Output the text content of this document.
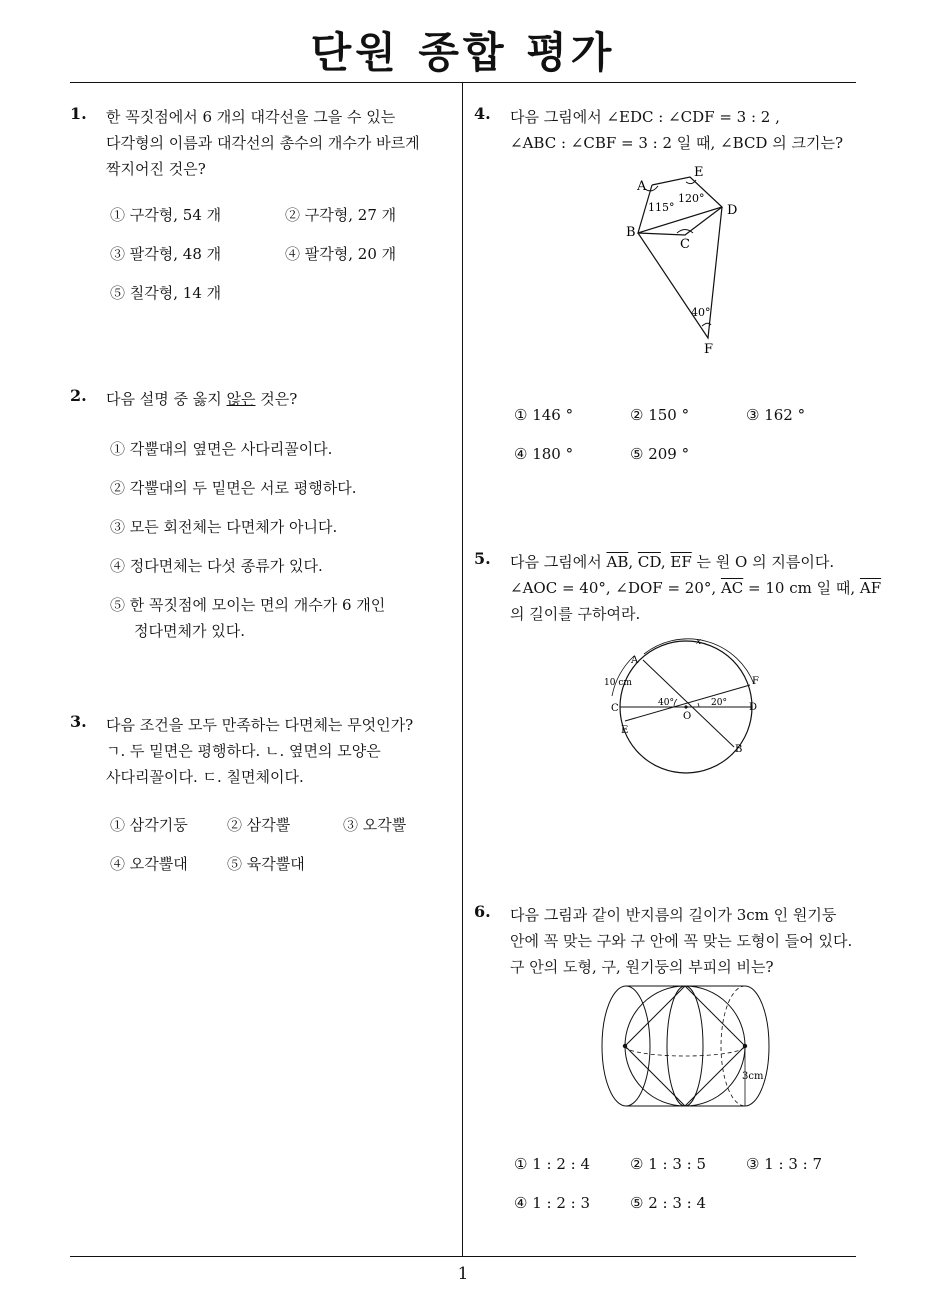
단원 종합 평가
1
1. 한 꼭짓점에서 6 개의 대각선을 그을 수 있는

다각형의 이름과 대각선의 총수의 개수가 바르게

짝지어진 것은?

① 구각형, 54 개	② 구각형, 27 개
③ 팔각형, 48 개	④ 팔각형, 20 개
⑤ 칠각형, 14 개
2. 다음 설명 중 옳지 않은 것은?

① 각뿔대의 옆면은 사다리꼴이다.
② 각뿔대의 두 밑면은 서로 평행하다.
③ 모든 회전체는 다면체가 아니다.
④ 정다면체는 다섯 종류가 있다.
⑤ 한 꼭짓점에 모이는 면의 개수가 6 개인
정다면체가 있다.
3. 다음 조건을 모두 만족하는 다면체는 무엇인가?

ㄱ. 두 밑면은 평행하다. ㄴ. 옆면의 모양은

사다리꼴이다. ㄷ. 칠면체이다.

① 삼각기둥	② 삼각뿔	③ 오각뿔
④ 오각뿔대	⑤ 육각뿔대
4. 다음 그림에서 ∠EDC : ∠CDF = 3 : 2 ,

∠ABC : ∠CBF = 3 : 2 일 때, ∠BCD 의 크기는?

A
E
D
B
C
F
115°
120°
40°
① 146 °	② 150 °	③ 162 °
④ 180 °	⑤ 209 °
5. 다음 그림에서 $\overline{AB}$, $\overline{CD}$, $\overline{EF}$ 는 원 O 의 지름이다.

∠AOC = 40°, ∠DOF = 20°, $\overline{AC} = 10$ cm 일 때, $\overline{AF}$

의 길이를 구하여라.

A
F
C	D
E
B
O
x
10 cm
40°	20°
6. 다음 그림과 같이 반지름의 길이가 3cm 인 원기둥

안에 꼭 맞는 구와 구 안에 꼭 맞는 도형이 들어 있다.

구 안의 도형, 구, 원기둥의 부피의 비는?

3cm
① 1 : 2 : 4	② 1 : 3 : 5	③ 1 : 3 : 7
④ 1 : 2 : 3	⑤ 2 : 3 : 4
